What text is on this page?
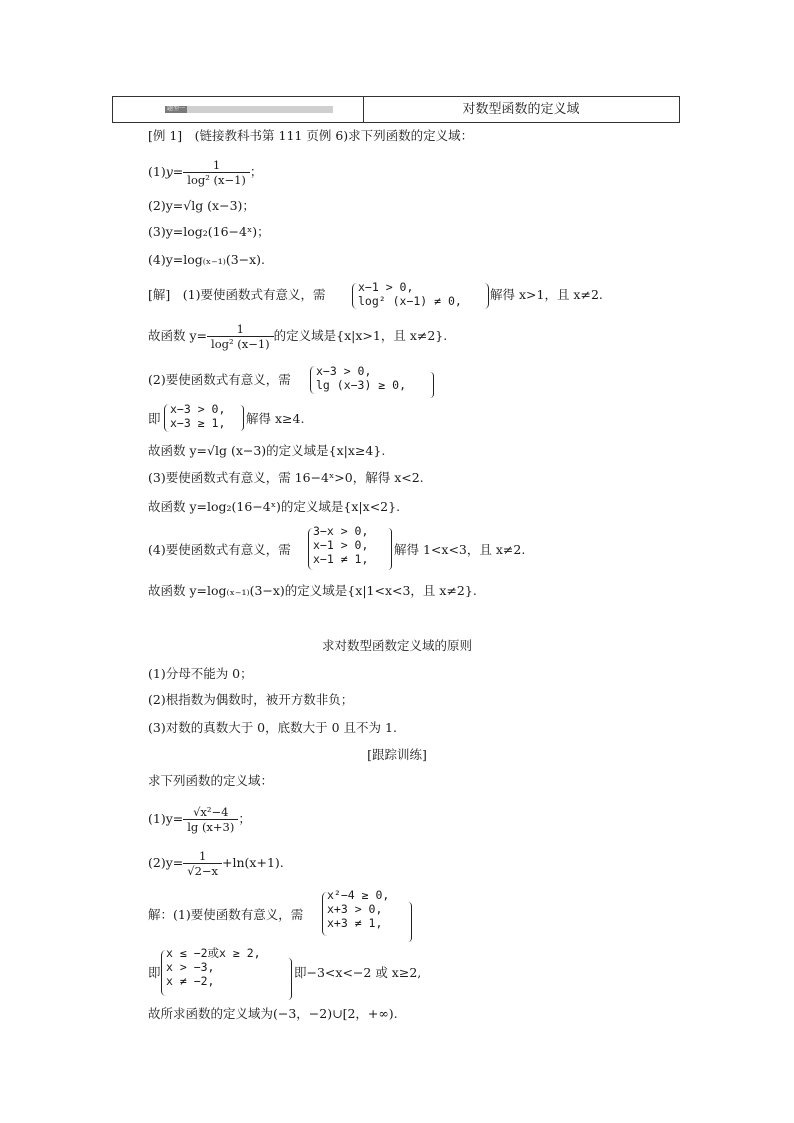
题型一	对数型函数的定义域
[例 1]　(链接教科书第 111 页例 6)求下列函数的定义域：
$(1)y= \frac{1}{\text{log² (x−1)}}$ ；
(2)y=√lg (x−3)；
(3)y=log₂(16−4ˣ)；
(4)y=log₍ₓ₋₁₎(3−x).
[解]　(1)要使函数式有意义，需	x−1 > 0,
log² (x−1) ≠ 0, 解得 x>1，且 x≠2.
故函数 $y= \frac{1}{\text{log² (x−1)}}$ 的定义域是{x|x>1，且 x≠2}.
(2)要使函数式有意义，需
x−3 > 0,
lg (x−3) ≥ 0,
即
x−3 > 0,
x−3 ≥ 1, 解得 x≥4.
故函数 y=√lg (x−3)的定义域是{x|x≥4}.
(3)要使函数式有意义，需 16−4ˣ>0，解得 x<2.
故函数 y=log₂(16−4ˣ)的定义域是{x|x<2}.
(4)要使函数式有意义，需
3−x > 0,
x−1 > 0,
x−1 ≠ 1,
解得 1<x<3，且 x≠2.
故函数 y=log₍ₓ₋₁₎(3−x)的定义域是{x|1<x<3，且 x≠2}.
求对数型函数定义域的原则
(1)分母不能为 0；
(2)根指数为偶数时，被开方数非负；
(3)对数的真数大于 0，底数大于 0 且不为 1.
[跟踪训练]
求下列函数的定义域：
$(1)y= \frac{\text{√x²−4}}{\lg (x+3)}$ ；
$(2)y= \frac{1}{√2-x} +\ln(x+1)$.
解：(1)要使函数有意义，需
x²−4 ≥ 0,
x+3 > 0,
x+3 ≠ 1,
即
x ≤ −2或x ≥ 2,
x > −3,
x ≠ −2,
即−3<x<−2 或 x≥2,
故所求函数的定义域为(−3，−2)∪[2，+∞).
